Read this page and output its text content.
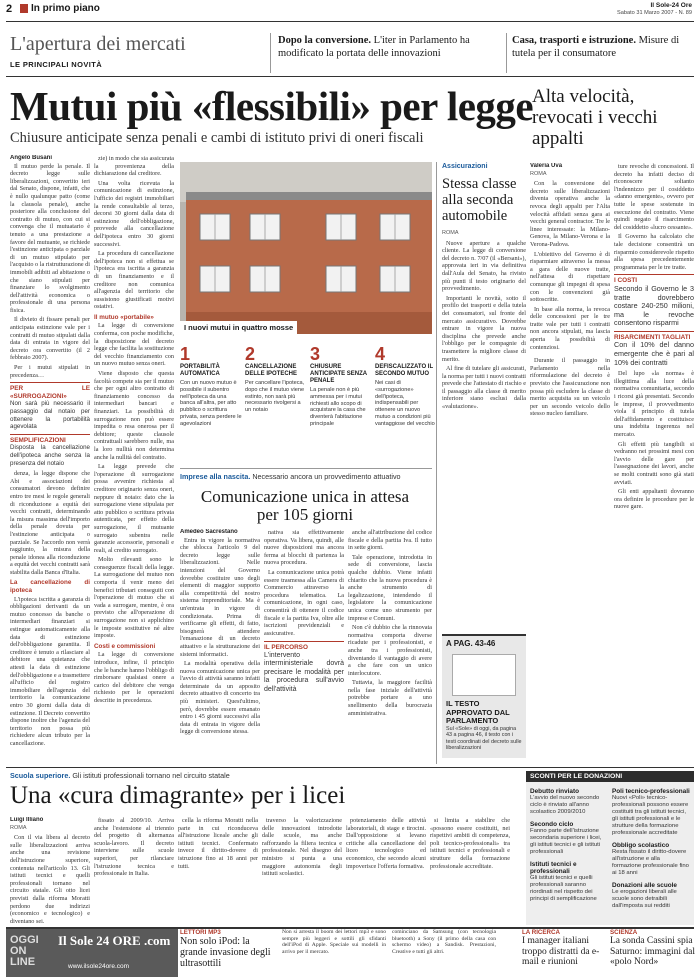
2 In primo piano	Il Sole-24 Ore
Sabato 31 Marzo 2007 - N. 89
L'apertura dei mercati
LE PRINCIPALI NOVITÀ
Dopo la conversione. L'iter in Parlamento ha modificato la portata delle innovazioni
Casa, trasporti e istruzione. Misure di tutela per il consumatore
Mutui più «flessibili» per legge
Chiusure anticipate senza penali e cambi di istituto privi di oneri fiscali
Angelo Busani

Il mutuo perde la penale. Il decreto legge sulle liberalizzazioni, convertito ieri dal Senato, dispone, infatti, che è nullo qualunque patto (come la clausola penale), anche posteriore alla conclusione del contratto di mutuo, con cui si convenga che il mutuatario è tenuto a una prestazione a favore del mutuante, se richiede l'estinzione anticipata o parziale di un mutuo stipulato per l'acquisto o la ristrutturazione di immobili adibiti ad abitazione o che siano stipulati per finanziare lo svolgimento dell'attività economica o professionale di una persona fisica.

Il divieto di fissare penali per anticipata estinzione vale per i contratti di mutuo stipulati dalla data di entrata in vigore del decreto ora convertito (il 2 febbraio 2007).

Per i mutui stipulati in precedenza…

PER LE «SURROGAZIONI»
Non sarà più necessario il passaggio dal notaio per ottenere la portabilità agevolata
SEMPLIFICAZIONI
Disposta la cancellazione dell'ipoteca anche senza la presenza del notaio

denza, la legge dispone che Abi e associazioni dei consumatori devono definire entro tre mesi le regole generali di riconduzione a equità dei vecchi contratti, determinando la misura massima dell'importo della penale dovuta per l'estinzione anticipata o parziale. Se l'accordo non verrà raggiunto, la misura della penale idonea alla riconduzione a equità dei vecchi contratti sarà stabilita dalla Banca d'Italia.

La cancellazione di ipoteca

L'ipoteca iscritta a garanzia di obbligazioni derivanti da un mutuo concesso da banche o intermediari finanziari si estingue automaticamente alla data di estinzione dell'obbligazione garantita. Il creditore è tenuto a rilasciare al debitore una quietanza che attesti la data di estinzione dell'obbligazione e a trasmettere all'ufficio del registro immobiliare dell'agenzia del territorio la comunicazione entro 30 giorni dalla data di estinzione. Il Decreto convertito dispone inoltre che l'agenzia del territorio non possa più richiedere alcun tributo per la cancellazione.

zie) in modo che sia assicurata la provenienza della dichiarazione dal creditore.

Una volta ricevuta la comunicazione di estinzione, l'ufficio dei registri immobiliari la rende consultabile al terzo, decorsi 30 giorni dalla data di estinzione dell'obbligazione, provvede alla cancellazione dell'ipoteca entro 30 giorni successivi.

La procedura di cancellazione dell'ipoteca non si effettua se l'ipoteca era iscritta a garanzia di un finanziamento e il creditore non comunica all'agenzia del territorio che sussistono giustificati motivi ostativi.

Il mutuo «portabile»

La legge di conversione conferma, con poche modifiche, la disposizione del decreto legge che facilita la sostituzione del vecchio finanziamento con un nuovo mutuo senza oneri.

Viene disposto che questa facoltà compete sia per il mutuo che per ogni altro contratto di finanziamento concesso da intermediari bancari e finanziari. La possibilità di surrogazione non può essere impedita o resa onerosa per il debitore; queste clausole contrattuali sarebbero nulle, ma la loro nullità non determina anche la nullità del contratto.

La legge prevede che l'operazione di surrogazione possa avvenire richiesta al creditore originario senza oneri, neppure di notaio: dato che la surrogazione viene stipulata per atto pubblico o scrittura privata autenticata, per effetto della surrogazione, il mutuante surrogato subentra nelle garanzie accessorie, personali e reali, al credito surrogato.

Molto rilevanti sono le conseguenze fiscali della legge. La surrogazione del mutuo non comporta il venir meno dei benefici tributari conseguiti con l'operazione di mutuo che si vada a surrogare, mentre, è ora previsto che all'operazione di surrogazione non si applichino le imposte sostitutive né altre imposte.

Costi e commissioni

La legge di conversione introduce, infine, il principio che le banche hanno l'obbligo di rimborsare qualsiasi onere a carico del debitore che venga richiesto per le operazioni descritte in precedenza.

I nuovi mutui in quattro mosse
1
PORTABILITÀ AUTOMATICA
Con un nuovo mutuo è possibile il subentro nell'ipoteca da una banca all'altra, per atto pubblico o scrittura privata, senza perdere le agevolazioni
2
CANCELLAZIONE DELLE IPOTECHE
Per cancellare l'ipoteca, dopo che il mutuo viene estinto, non sarà più necessario rivolgersi a un notaio
3
CHIUSURE ANTICIPATE SENZA PENALE
La penale non è più ammessa per i mutui richiesti allo scopo di acquistare la casa che diventerà l'abitazione principale
4
DEFISCALIZZATO IL SECONDO MUTUO
Nei casi di «surrogazione» dell'ipoteca, indispensabili per ottenere un nuovo mutuo a condizioni più vantaggiose del vecchio
Imprese alla nascita. Necessario ancora un provvedimento attuativo
Comunicazione unica in attesa per 105 giorni
Amedeo Sacrestano

Entra in vigore la normativa che sblocca l'articolo 9 del decreto legge sulle liberalizzazioni. Nelle intenzioni del Governo dovrebbe costituire uno degli elementi di maggior supporto alla competitività del nostro sistema imprenditoriale. Ma è un'entrata in vigore di condizionata. Prima di verificarne gli effetti, di fatto, bisognerà attendere l'emanazione di un decreto attuativo e la strutturazione dei sistemi informatici.

La modalità operativa della nuova comunicazione unica per l'avvio di attività saranno infatti determinate da un apposito decreto attuativo di concerto tra più ministeri. Quest'ultimo, però, dovrebbe essere emanato entro i 45 giorni successivi alla data di entrata in vigore della legge di conversione stessa.

nativa sia effettivamente operativa. Va libera, quindi, alle nuove disposizioni ma ancora ferma ai blocchi di partenza la nuova procedura.

La comunicazione unica potrà essere trasmessa alla Camera di Commercio attraverso la procedura telematica. La comunicazione, in ogni caso, consentirà di ottenere il codice fiscale e la partita Iva, oltre alle iscrizioni previdenziali e assicurative.

IL PERCORSO
L'intervento interministeriale dovrà precisare le modalità per la procedura sull'avvio dell'attività

anche all'attribuzione del codice fiscale e della partita Iva. Il tutto in sette giorni.

Tale operazione, introdotta in sede di conversione, lascia qualche dubbio. Viene infatti chiarito che la nuova procedura è anche strumento di legalizzazione, intendendo il legislatore la comunicazione unica come uno strumento per imprese e Comuni.

Non c'è dubbio che la rinnovata normativa comporta diverse ricadute per i professionisti, e anche tra i professionisti, diventando il vantaggio di avere a che fare con un unico interlocutore.

Tuttavia, la maggiore facilità nella fase iniziale dell'attività potrebbe portare a uno snellimento della burocrazia amministrativa.

Assicurazioni
Stessa classe alla seconda automobile
ROMA

Nuove aperture a qualche cliente. La legge di conversione del decreto n. 7/07 (il «Bersani»), approvata ieri in via definitiva dall'Aula del Senato, ha rivisto più punti il testo originario del provvedimento.

Importanti le novità, sotto il profilo dei trasporti e della tutela dei consumatori, sul fronte del mercato assicurativo. Dovrebbe entrare in vigore la nuova disciplina che prevede anche l'obbligo per le compagnie di trasmettere la migliore classe di merito.

Al fine di tutelare gli assicurati, la norma per tutti i nuovi contratti prevede che l'attestato di rischio e il passaggio alla classe di merito inferiore siano esclusi dalla «valutazione».

Alta velocità, revocati i vecchi appalti
Valeria Uva
ROMA

Con la conversione del decreto sulle liberalizzazioni diventa operativa anche la revoca degli appalti per l'Alta velocità affidati senza gara ai vecchi general contractor. Tre le linee interessate: la Milano-Genova, la Milano-Verona e la Verona-Padova.

L'obiettivo del Governo è di risparmiare attraverso la messa a gara delle nuove tratte, nell'attesa di rispettare comunque gli impegni di spesa con le convenzioni già sottoscritte.

In base alla norma, la revoca delle concessioni per le tre tratte vale per tutti i contratti non ancora stipulati, ma lascia aperta la possibilità di contenziosi.

Durante il passaggio in Parlamento nella riformulazione del decreto è previsto che l'assicurazione non possa più escludere la classe di merito acquisita su un veicolo per un secondo veicolo dello stesso nucleo familiare.

ture revoche di concessioni. Il decreto ha infatti deciso di riconoscere soltanto l'indennizzo per il cosiddetto «danno emergente», ovvero per tutte le spese sostenute in esecuzione del contratto. Viene quindi negato il risarcimento del cosiddetto «lucro cessante».

Il Governo ha calcolato che tale decisione consentirà un risparmio considerevole rispetto alla spesa precedentemente programmata per le tre tratte.

I COSTI
Secondo il Governo le 3 tratte dovrebbero costare 240-250 milioni, ma le revoche consentono risparmi
RISARCIMENTI TAGLIATI
Con il 10% del danno emergente che è pari al 10% dei contratti

Del lupo «la norma» è illegittima alla luce della normativa comunitaria, secondo i ricorsi già presentati. Secondo le imprese, il provvedimento viola il principio di tutela dell'affidamento e costituisce una indebita ingerenza nel mercato.

Gli effetti più tangibili si vedranno nei prossimi mesi con l'avvio delle gare per l'assegnazione dei lavori, anche se molti contratti sono già stati avviati.

Gli enti appaltanti dovranno ora definire le procedure per le nuove gare.

A PAG. 43-46
IL TESTO APPROVATO DAL PARLAMENTO
Sul «Sole» di oggi, da pagina 43 a pagina 46, il testo con i testi coordinati del decreto sulle liberalizzazioni
Scuola superiore. Gli istituti professionali tornano nel circuito statale
Una «cura dimagrante» per i licei
Luigi Illiano
ROMA

Con il via libera al decreto sulle liberalizzazioni arriva anche una revisione dell'istruzione superiore, contenuta nell'articolo 13. Gli istituti tecnici e quelli professionali tornano nel circuito statale. Gli otto licei previsti dalla riforma Moratti perdono due indirizzi (economico e tecnologico) e diventano sei.

fissato al 2009/10. Arriva anche l'estensione al triennio del progetto di alternanza scuola-lavoro. Il decreto interviene sulle scuole superiori, per rilanciare l'istruzione tecnica e professionale in Italia.

cella la riforma Moratti nella parte in cui riconduceva all'istruzione liceale anche gli istituti tecnici. Confermato invece il diritto-dovere di istruzione fino ai 18 anni per tutti.

traverso la valorizzazione delle innovazioni introdotte dalle scuole, ma anche rafforzando la filiera tecnica e professionale. Nel disegno del ministro si punta a una maggiore autonomia degli istituti scolastici.

potenziamento delle attività laboratoriali, di stage e tirocini. Dall'opposizione si levano critiche alla cancellazione del liceo tecnologico ed economico, che secondo alcuni impoverisce l'offerta formativa.

si limita a stabilire che «possono essere costituiti, nei rispettivi ambiti di competenza, poli tecnico-professionali» tra istituti tecnici e professionali e strutture della formazione professionale accreditate.

SCONTI PER LE DONAZIONI
Debutto rinviato
L'avvio del nuovo secondo ciclo è rinviato all'anno scolastico 2009/2010
Secondo ciclo
Fanno parte dell'istruzione secondaria superiore i licei, gli istituti tecnici e gli istituti professionali
Istituti tecnici e professionali
Gli istituti tecnici e quelli professionali saranno riordinati nel rispetto dei principi di semplificazione
Poli tecnico-professionali
Nuovi «Poli» tecnico-professionali possono essere costituiti tra gli istituti tecnici, gli istituti professionali e le strutture della formazione professionale accreditate
Obbligo scolastico
Resta fissato il diritto-dovere all'istruzione e alla formazione professionale fino ai 18 anni
Donazioni alle scuole
Le erogazioni liberali alle scuole sono detraibili dall'imposta sui redditi
OGGI ON LINE
Il Sole 24 ORE .com
www.ilsole24ore.com
LETTORI MP3
Non solo iPod: la grande invasione degli ultrasottili
Non si arresta il boom dei lettori mp3 e sono sempre più leggeri e sottili gli sfidanti dell'iPod di Apple. Speciale sui modelli in arrivo per il mercato.
cominciano da Samsung (con tecnologia bluetooth) a Sony (il primo della casa con schermo video) a Sandisk. Prestazioni, Creative e tutti gli altri.
LA RICERCA
I manager italiani troppo distratti da e-mail e riunioni
SCIENZA
La sonda Cassini spia Saturno: immagini dal «polo Nord»
